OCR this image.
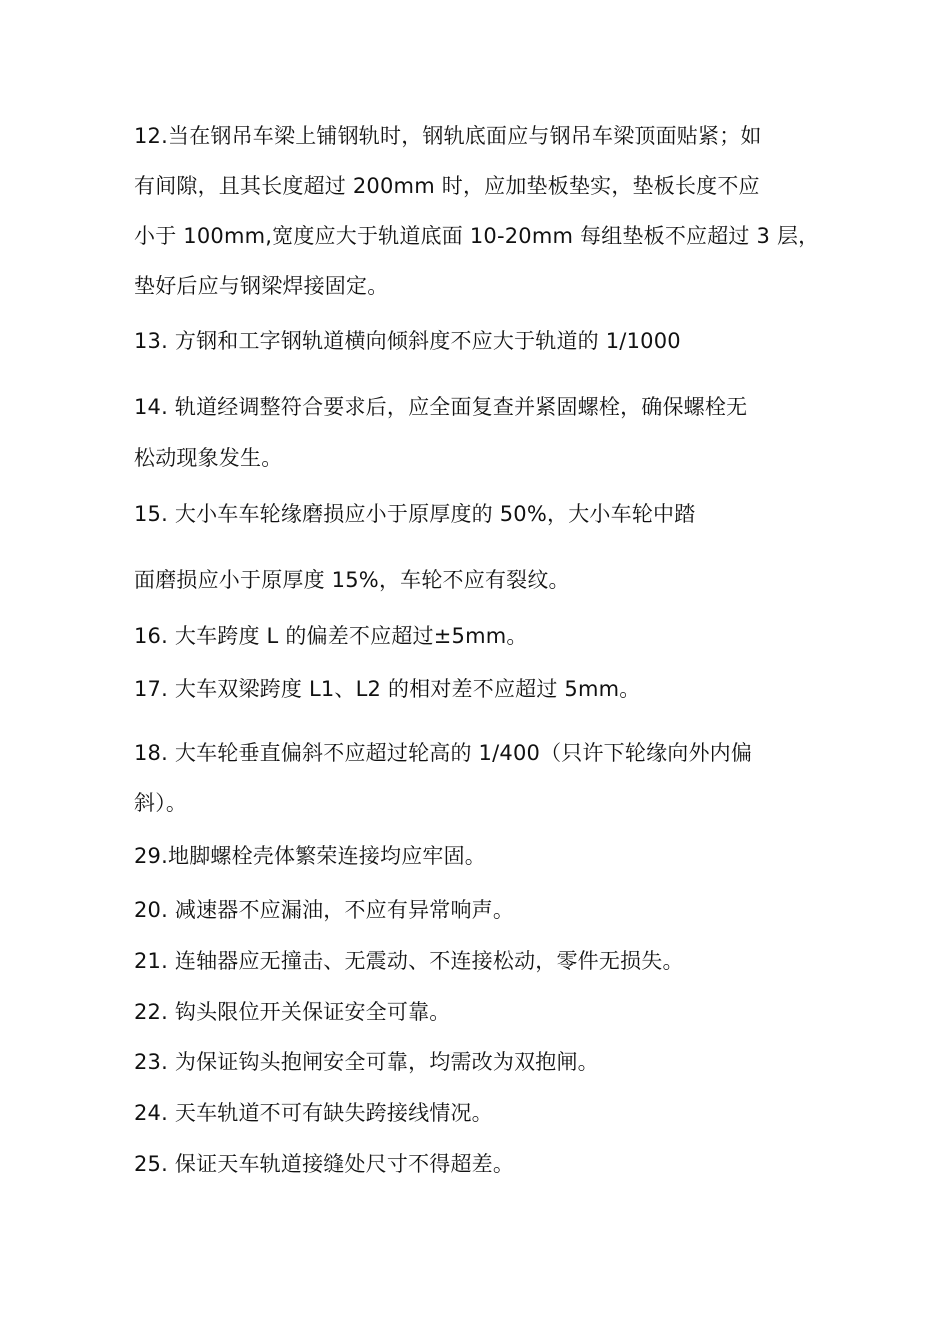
12.当在钢吊车梁上铺钢轨时，钢轨底面应与钢吊车梁顶面贴紧；如
有间隙，且其长度超过 200mm 时，应加垫板垫实，垫板长度不应
小于 100mm,宽度应大于轨道底面 10-20mm 每组垫板不应超过 3 层，
垫好后应与钢梁焊接固定。
13. 方钢和工字钢轨道横向倾斜度不应大于轨道的 1/1000
14. 轨道经调整符合要求后，应全面复查并紧固螺栓，确保螺栓无
松动现象发生。
15. 大小车车轮缘磨损应小于原厚度的 50%，大小车轮中踏
面磨损应小于原厚度 15%，车轮不应有裂纹。
16. 大车跨度 L 的偏差不应超过±5mm。
17. 大车双梁跨度 L1、L2 的相对差不应超过 5mm。
18. 大车轮垂直偏斜不应超过轮高的 1/400（只许下轮缘向外内偏
斜）。
29.地脚螺栓壳体繁荣连接均应牢固。
20. 减速器不应漏油，不应有异常响声。
21. 连轴器应无撞击、无震动、不连接松动，零件无损失。
22. 钩头限位开关保证安全可靠。
23. 为保证钩头抱闸安全可靠，均需改为双抱闸。
24. 天车轨道不可有缺失跨接线情况。
25. 保证天车轨道接缝处尺寸不得超差。
